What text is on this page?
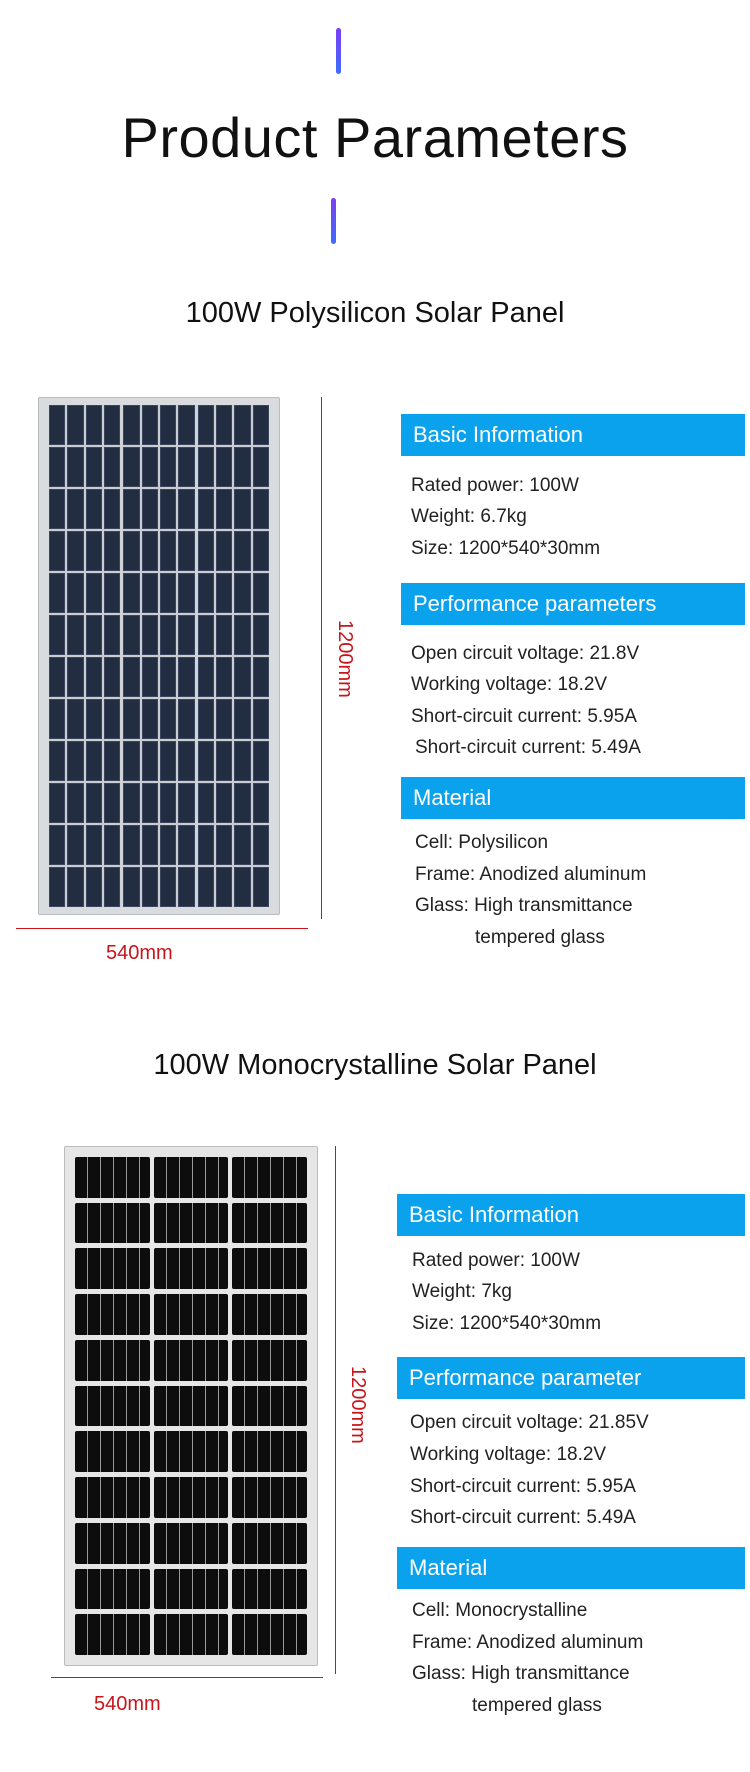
Product Parameters
100W Polysilicon Solar Panel
1200mm
540mm
Basic Information
Rated power: 100W
Weight: 6.7kg
Size: 1200*540*30mm
Performance parameters
Open circuit voltage: 21.8V
Working voltage: 18.2V
Short-circuit current: 5.95A
Short-circuit current: 5.49A
Material
Cell: Polysilicon
Frame: Anodized aluminum
Glass: High transmittance
tempered glass
100W Monocrystalline Solar Panel
1200mm
540mm
Basic Information
Rated power: 100W
Weight: 7kg
Size: 1200*540*30mm
Performance parameter
Open circuit voltage: 21.85V
Working voltage: 18.2V
Short-circuit current: 5.95A
Short-circuit current: 5.49A
Material
Cell: Monocrystalline
Frame: Anodized aluminum
Glass: High transmittance
tempered glass
